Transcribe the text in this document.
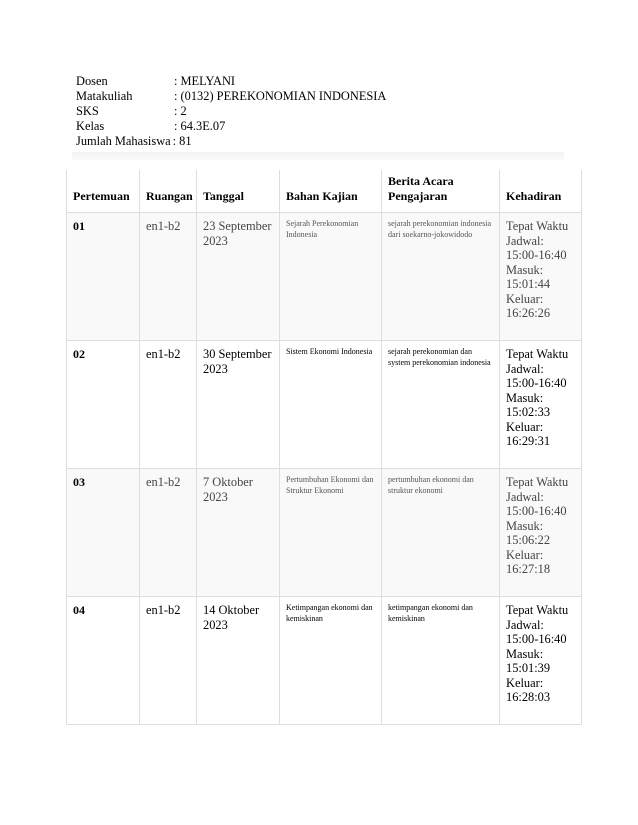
Dosen	: MELYANI
Matakuliah	: (0132) PEREKONOMIAN INDONESIA
SKS	: 2
Kelas	: 64.3E.07
Jumlah Mahasiswa : 81
Pertemuan	Ruangan	Tanggal	Bahan Kajian	Berita Acara Pengajaran	Kehadiran
01	en1-b2	23 September 2023	Sejarah Perekonomian Indonesia	sejarah perekonomian indonesia dari soekarno-jokowidodo	Tepat Waktu
Jadwal: 15:00-16:40
Masuk: 15:01:44
Keluar: 16:26:26

02	en1-b2	30 September 2023	Sistem Ekonomi Indonesia	sejarah perekonomian dan system perekonomian indonesia	Tepat Waktu
Jadwal: 15:00-16:40
Masuk: 15:02:33
Keluar: 16:29:31

03	en1-b2	7 Oktober 2023	Pertumbuhan Ekonomi dan Struktur Ekonomi	pertumbuhan ekonomi dan struktur ekonomi	Tepat Waktu
Jadwal: 15:00-16:40
Masuk: 15:06:22
Keluar: 16:27:18

04	en1-b2	14 Oktober 2023	Ketimpangan ekonomi dan kemiskinan	ketimpangan ekonomi dan kemiskinan	Tepat Waktu
Jadwal: 15:00-16:40
Masuk: 15:01:39
Keluar: 16:28:03
